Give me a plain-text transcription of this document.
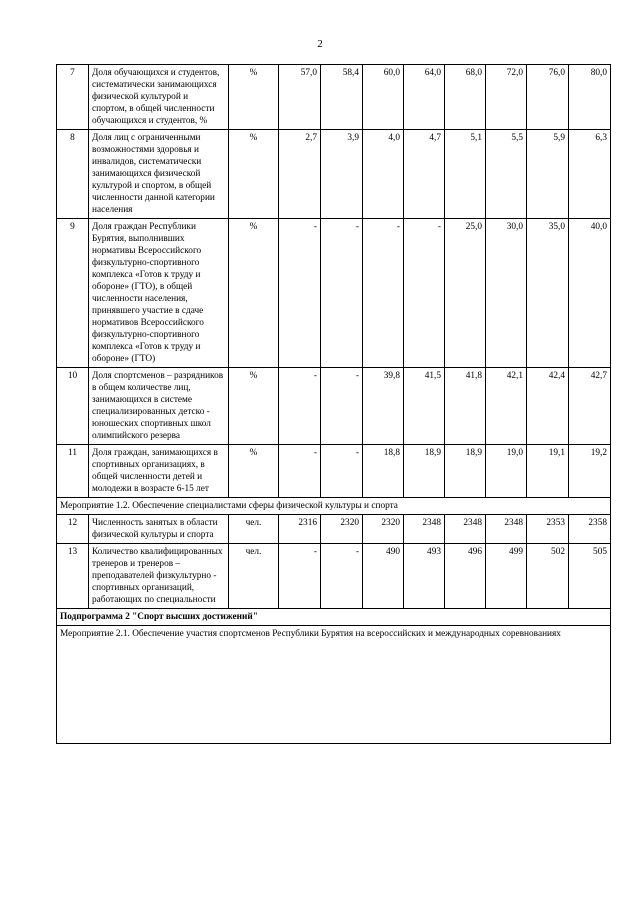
2
7	Доля обучающихся и студентов, систематически занимающихся физической культурой и спортом, в общей численности обучающихся и студентов, %	%	57,0	58,4	60,0	64,0	68,0	72,0	76,0	80,0
8	Доля лиц с ограниченными возможностями здоровья и инвалидов, систематически занимающихся физической культурой и спортом, в общей численности данной категории населения	%	2,7	3,9	4,0	4,7	5,1	5,5	5,9	6,3
9	Доля граждан Республики Бурятия, выполнивших нормативы Всероссийского физкультурно-спортивного комплекса «Готов к труду и обороне» (ГТО), в общей численности населения, принявшего участие в сдаче нормативов Всероссийского физкультурно-спортивного комплекса «Готов к труду и обороне» (ГТО)	%	-	-	-	-	25,0	30,0	35,0	40,0
10	Доля спортсменов – разрядников в общем количестве лиц, занимающихся в системе специализированных детско - юношеских спортивных школ олимпийского резерва	%	-	-	39,8	41,5	41,8	42,1	42,4	42,7
11	Доля граждан, занимающихся в спортивных организациях, в общей численности детей и молодежи в возрасте 6-15 лет	%	-	-	18,8	18,9	18,9	19,0	19,1	19,2
Мероприятие 1.2. Обеспечение специалистами сферы физической культуры и спорта										
12	Численность занятых в области физической культуры и спорта	чел.	2316	2320	2320	2348	2348	2348	2353	2358
13	Количество квалифицированных тренеров и тренеров – преподавателей физкультурно - спортивных организаций, работающих по специальности	чел.	-	-	490	493	496	499	502	505
Подпрограмма 2 "Спорт высших достижений"										
Мероприятие 2.1. Обеспечение участия спортсменов Республики Бурятия на всероссийских и международных соревнованиях										
